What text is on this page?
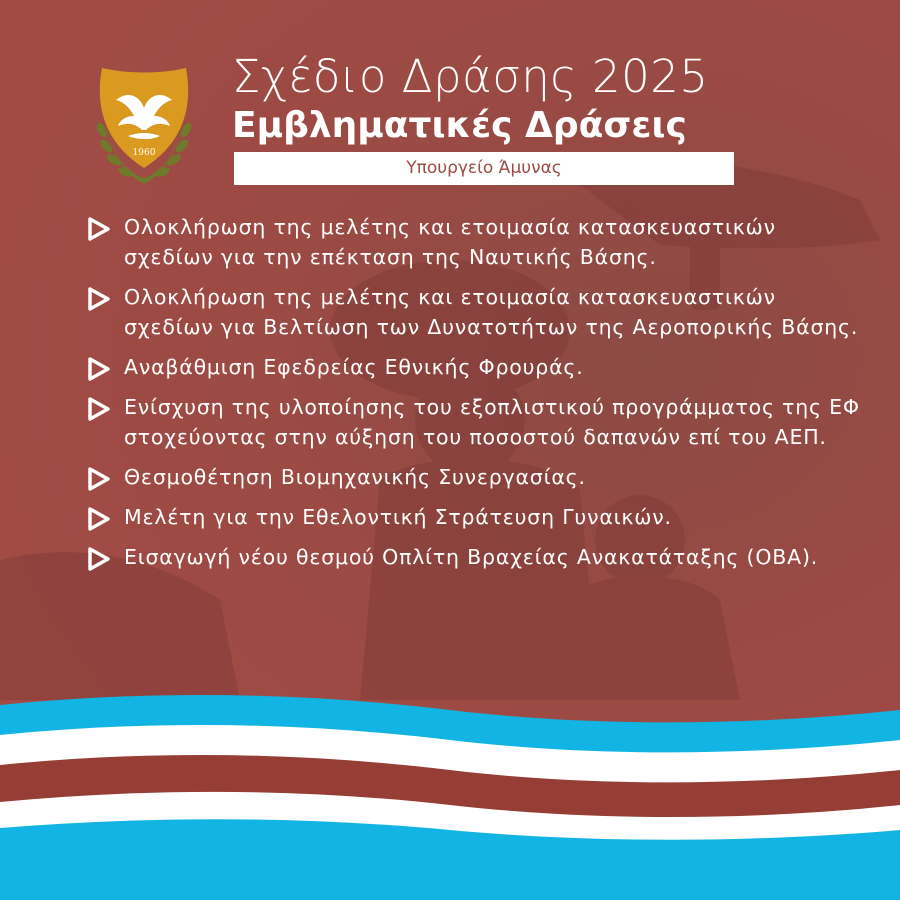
1960
Σχέδιο Δράσης 2025
Εμβληματικές Δράσεις
Υπουργείο Άμυνας
Ολοκλήρωση της μελέτης και ετοιμασία κατασκευαστικών σχεδίων για την επέκταση της Ναυτικής Βάσης.
Ολοκλήρωση της μελέτης και ετοιμασία κατασκευαστικών σχεδίων για Βελτίωση των Δυνατοτήτων της Αεροπορικής Βάσης.
Αναβάθμιση Εφεδρείας Εθνικής Φρουράς.
Ενίσχυση της υλοποίησης του εξοπλιστικού προγράμματος της ΕΦ στοχεύοντας στην αύξηση του ποσοστού δαπανών επί του ΑΕΠ.
Θεσμοθέτηση Βιομηχανικής Συνεργασίας.
Μελέτη για την Εθελοντική Στράτευση Γυναικών.
Εισαγωγή νέου θεσμού Οπλίτη Βραχείας Ανακατάταξης (ΟΒΑ).
